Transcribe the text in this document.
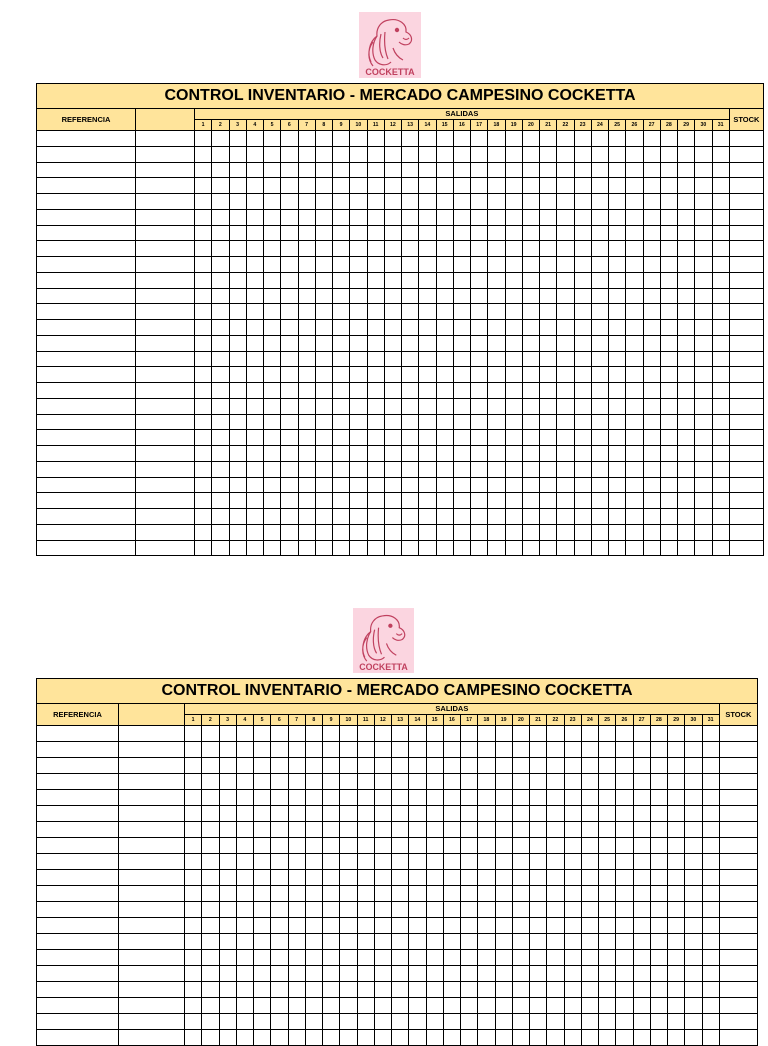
COCKETTA
CONTROL INVENTARIO - MERCADO CAMPESINO COCKETTA																																	
REFERENCIA		SALIDAS																															STOCK
		1	2	3	4	5	6	7	8	9	10	11	12	13	14	15	16	17	18	19	20	21	22	23	24	25	26	27	28	29	30	31	

COCKETTA
CONTROL INVENTARIO - MERCADO CAMPESINO COCKETTA																																	
REFERENCIA		SALIDAS																															STOCK
		1	2	3	4	5	6	7	8	9	10	11	12	13	14	15	16	17	18	19	20	21	22	23	24	25	26	27	28	29	30	31	
